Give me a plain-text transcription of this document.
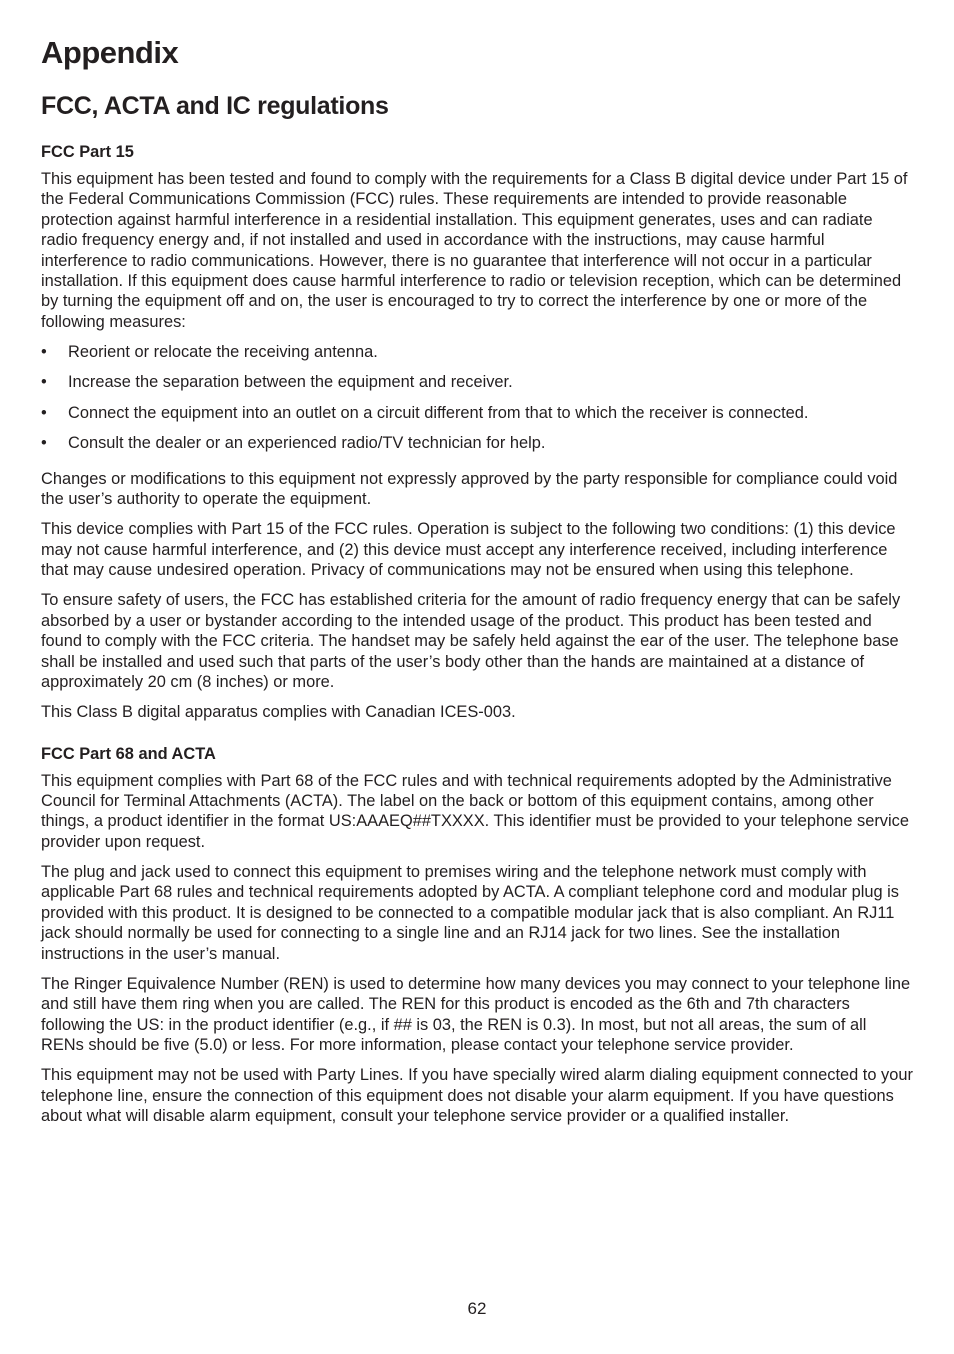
Appendix
FCC, ACTA and IC regulations
FCC Part 15

This equipment has been tested and found to comply with the requirements for a Class B digital device under Part 15 of the Federal Communications Commission (FCC) rules. These requirements are intended to provide reasonable protection against harmful interference in a residential installation. This equipment generates, uses and can radiate radio frequency energy and, if not installed and used in accordance with the instructions, may cause harmful interference to radio communications. However, there is no guarantee that interference will not occur in a particular installation. If this equipment does cause harmful interference to radio or television reception, which can be determined by turning the equipment off and on, the user is encouraged to try to correct the interference by one or more of the following measures:

• Reorient or relocate the receiving antenna.
• Increase the separation between the equipment and receiver.
• Connect the equipment into an outlet on a circuit different from that to which the receiver is connected.
• Consult the dealer or an experienced radio/TV technician for help.

Changes or modifications to this equipment not expressly approved by the party responsible for compliance could void the user’s authority to operate the equipment.

This device complies with Part 15 of the FCC rules. Operation is subject to the following two conditions: (1) this device may not cause harmful interference, and (2) this device must accept any interference received, including interference that may cause undesired operation. Privacy of communications may not be ensured when using this telephone.

To ensure safety of users, the FCC has established criteria for the amount of radio frequency energy that can be safely absorbed by a user or bystander according to the intended usage of the product. This product has been tested and found to comply with the FCC criteria. The handset may be safely held against the ear of the user. The telephone base shall be installed and used such that parts of the user’s body other than the hands are maintained at a distance of approximately 20 cm (8 inches) or more.

This Class B digital apparatus complies with Canadian ICES-003.

FCC Part 68 and ACTA

This equipment complies with Part 68 of the FCC rules and with technical requirements adopted by the Administrative Council for Terminal Attachments (ACTA). The label on the back or bottom of this equipment contains, among other things, a product identifier in the format US:AAAEQ##TXXXX. This identifier must be provided to your telephone service provider upon request.

The plug and jack used to connect this equipment to premises wiring and the telephone network must comply with applicable Part 68 rules and technical requirements adopted by ACTA. A compliant telephone cord and modular plug is provided with this product. It is designed to be connected to a compatible modular jack that is also compliant. An RJ11 jack should normally be used for connecting to a single line and an RJ14 jack for two lines. See the installation instructions in the user’s manual.

The Ringer Equivalence Number (REN) is used to determine how many devices you may connect to your telephone line and still have them ring when you are called. The REN for this product is encoded as the 6th and 7th characters following the US: in the product identifier (e.g., if ## is 03, the REN is 0.3). In most, but not all areas, the sum of all RENs should be five (5.0) or less. For more information, please contact your telephone service provider.

This equipment may not be used with Party Lines. If you have specially wired alarm dialing equipment connected to your telephone line, ensure the connection of this equipment does not disable your alarm equipment. If you have questions about what will disable alarm equipment, consult your telephone service provider or a qualified installer.

62
